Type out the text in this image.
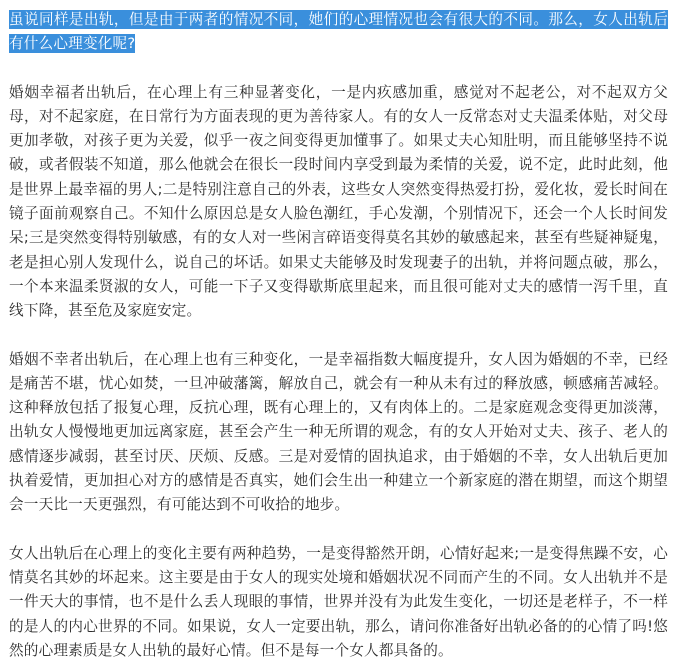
虽说同样是出轨，但是由于两者的情况不同，她们的心理情况也会有很大的不同。那么，女人出轨后有什么心理变化呢?

婚姻幸福者出轨后，在心理上有三种显著变化，一是内疚感加重，感觉对不起老公，对不起双方父母，对不起家庭，在日常行为方面表现的更为善待家人。有的女人一反常态对丈夫温柔体贴，对父母更加孝敬，对孩子更为关爱，似乎一夜之间变得更加懂事了。如果丈夫心知肚明，而且能够坚持不说破，或者假装不知道，那么他就会在很长一段时间内享受到最为柔情的关爱，说不定，此时此刻，他是世界上最幸福的男人;二是特别注意自己的外表，这些女人突然变得热爱打扮，爱化妆，爱长时间在镜子面前观察自己。不知什么原因总是女人脸色潮红，手心发潮，个别情况下，还会一个人长时间发呆;三是突然变得特别敏感，有的女人对一些闲言碎语变得莫名其妙的敏感起来，甚至有些疑神疑鬼，老是担心别人发现什么，说自己的坏话。如果丈夫能够及时发现妻子的出轨，并将问题点破，那么，一个本来温柔贤淑的女人，可能一下子又变得歇斯底里起来，而且很可能对丈夫的感情一泻千里，直线下降，甚至危及家庭安定。

婚姻不幸者出轨后，在心理上也有三种变化，一是幸福指数大幅度提升，女人因为婚姻的不幸，已经是痛苦不堪，忧心如焚，一旦冲破藩篱，解放自己，就会有一种从未有过的释放感，顿感痛苦减轻。这种释放包括了报复心理，反抗心理，既有心理上的，又有肉体上的。二是家庭观念变得更加淡薄，出轨女人慢慢地更加远离家庭，甚至会产生一种无所谓的观念，有的女人开始对丈夫、孩子、老人的感情逐步减弱，甚至讨厌、厌烦、反感。三是对爱情的固执追求，由于婚姻的不幸，女人出轨后更加执着爱情，更加担心对方的感情是否真实，她们会生出一种建立一个新家庭的潜在期望，而这个期望会一天比一天更强烈，有可能达到不可收拾的地步。

女人出轨后在心理上的变化主要有两种趋势，一是变得豁然开朗，心情好起来;一是变得焦躁不安，心情莫名其妙的坏起来。这主要是由于女人的现实处境和婚姻状况不同而产生的不同。女人出轨并不是一件天大的事情，也不是什么丢人现眼的事情，世界并没有为此发生变化，一切还是老样子，不一样的是人的内心世界的不同。如果说，女人一定要出轨，那么，请问你准备好出轨必备的的心情了吗!悠然的心理素质是女人出轨的最好心情。但不是每一个女人都具备的。
